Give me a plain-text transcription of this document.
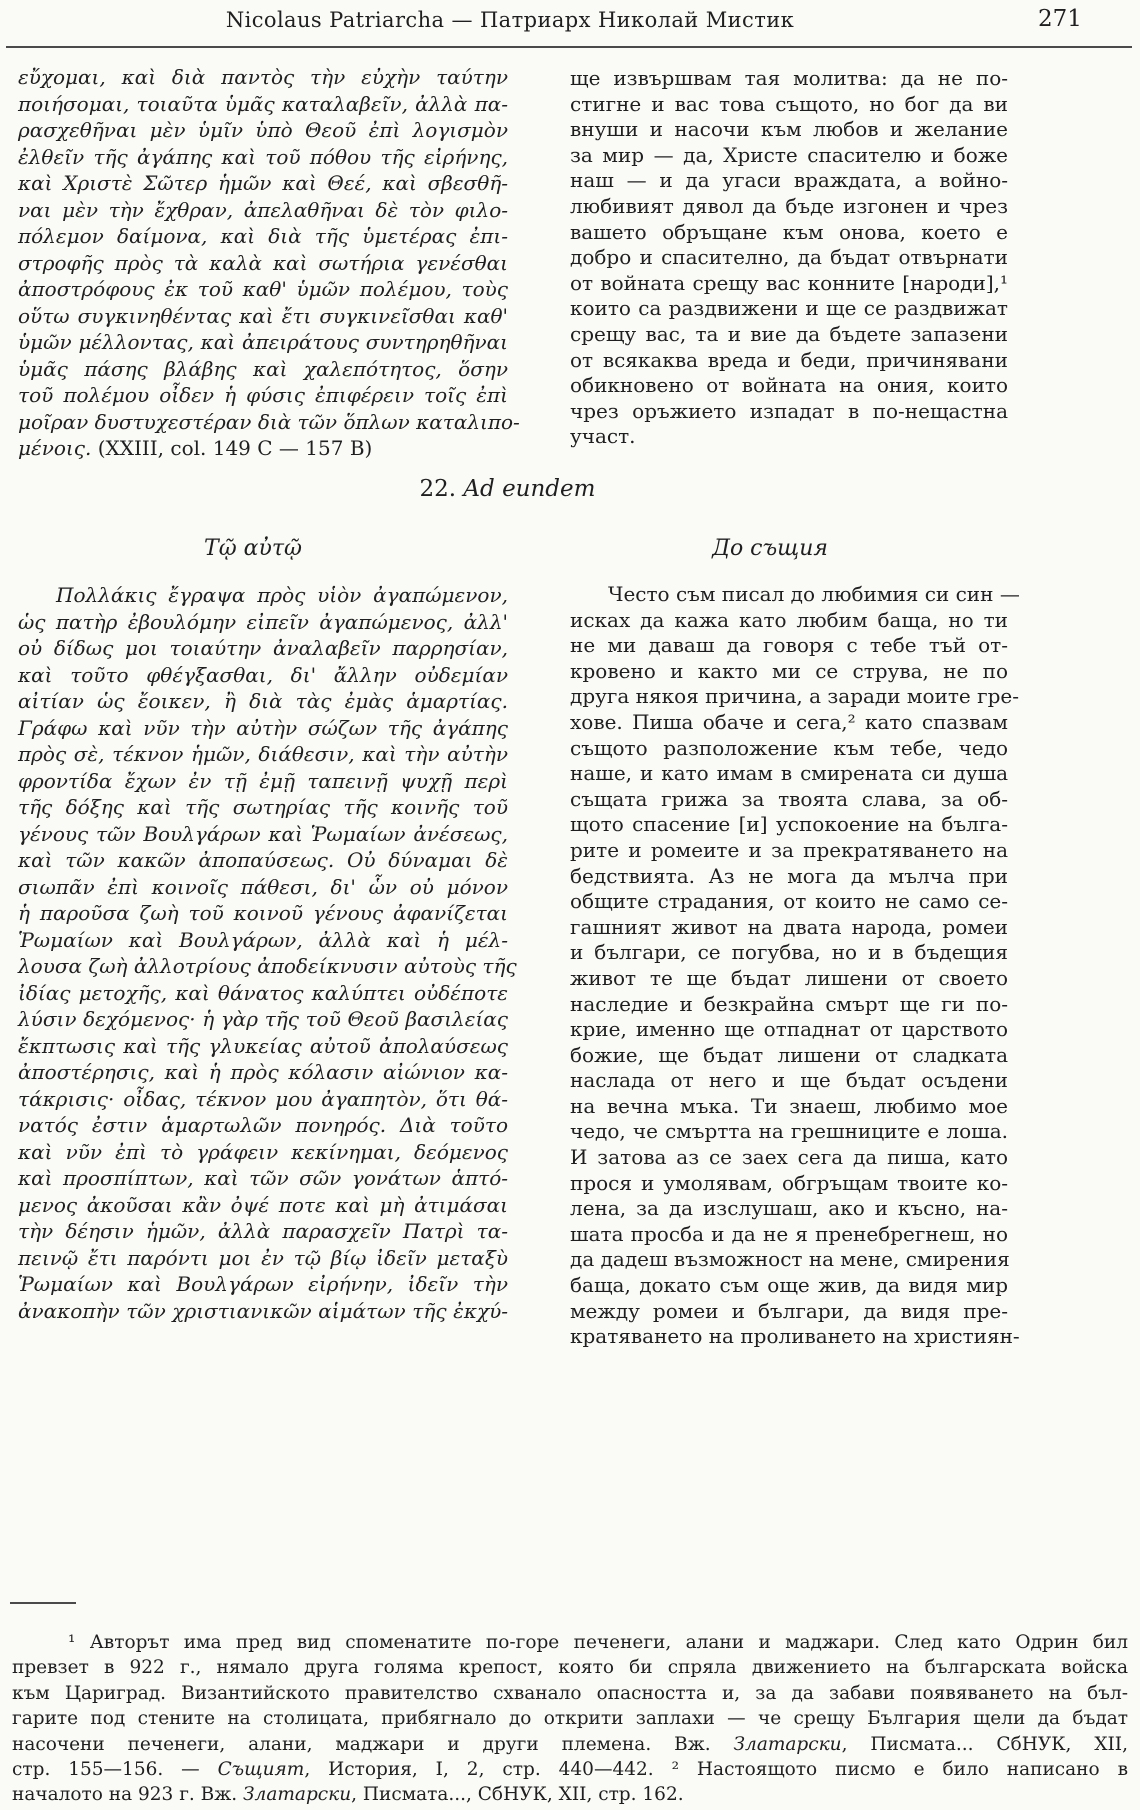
Nicolaus Patriarcha — Патриарх Николай Мистик	271
εὔχομαι, καὶ διὰ παντὸς τὴν εὐχὴν ταύτην
ποιήσομαι, τοιαῦτα ὑμᾶς καταλαβεῖν, ἀλλὰ πα-
ρασχεθῆναι μὲν ὑμῖν ὑπὸ Θεοῦ ἐπὶ λογισμὸν
ἐλθεῖν τῆς ἀγάπης καὶ τοῦ πόθου τῆς εἰρήνης,
καὶ Χριστὲ Σῶτερ ἡμῶν καὶ Θεέ, καὶ σβεσθῆ-
ναι μὲν τὴν ἔχθραν, ἀπελαθῆναι δὲ τὸν φιλο-
πόλεμον δαίμονα, καὶ διὰ τῆς ὑμετέρας ἐπι-
στροφῆς πρὸς τὰ καλὰ καὶ σωτήρια γενέσθαι
ἀποστρόφους ἐκ τοῦ καθ' ὑμῶν πολέμου, τοὺς
οὕτω συγκινηθέντας καὶ ἔτι συγκινεῖσθαι καθ'
ὑμῶν μέλλοντας, καὶ ἀπειράτους συντηρηθῆναι
ὑμᾶς πάσης βλάβης καὶ χαλεπότητος, ὅσην
τοῦ πολέμου οἶδεν ἡ φύσις ἐπιφέρειν τοῖς ἐπὶ
μοῖραν δυστυχεστέραν διὰ τῶν ὅπλων καταλιπο-
μένοις. (XXIII, col. 149 C — 157 B)
ще извършвам тая молитва: да не по-
стигне и вас това същото, но бог да ви
внуши и насочи към любов и желание
за мир — да, Христе спасителю и боже
наш — и да угаси враждата, а войно-
любивият дявол да бъде изгонен и чрез
вашето обръщане към онова, което е
добро и спасително, да бъдат отвърнати
от войната срещу вас конните [народи],¹
които са раздвижени и ще се раздвижат
срещу вас, та и вие да бъдете запазени
от всякаква вреда и беди, причинявани
обикновено от войната на ония, които
чрез оръжието изпадат в по-нещастна
участ.
22. Ad eundem
Τῷ αὐτῷ	До същия
Πολλάκις ἔγραψα πρὸς υἱὸν ἀγαπώμενον,
ὡς πατὴρ ἐβουλόμην εἰπεῖν ἀγαπώμενος, ἀλλ'
οὐ δίδως μοι τοιαύτην ἀναλαβεῖν παρρησίαν,
καὶ τοῦτο φθέγξασθαι, δι' ἄλλην οὐδεμίαν
αἰτίαν ὡς ἔοικεν, ἢ διὰ τὰς ἐμὰς ἁμαρτίας.
Γράφω καὶ νῦν τὴν αὐτὴν σώζων τῆς ἀγάπης
πρὸς σὲ, τέκνον ἡμῶν, διάθεσιν, καὶ τὴν αὐτὴν
φροντίδα ἔχων ἐν τῇ ἐμῇ ταπεινῇ ψυχῇ περὶ
τῆς δόξης καὶ τῆς σωτηρίας τῆς κοινῆς τοῦ
γένους τῶν Βουλγάρων καὶ Ῥωμαίων ἀνέσεως,
καὶ τῶν κακῶν ἀποπαύσεως. Οὐ δύναμαι δὲ
σιωπᾶν ἐπὶ κοινοῖς πάθεσι, δι' ὧν οὐ μόνον
ἡ παροῦσα ζωὴ τοῦ κοινοῦ γένους ἀφανίζεται
Ῥωμαίων καὶ Βουλγάρων, ἀλλὰ καὶ ἡ μέλ-
λουσα ζωὴ ἀλλοτρίους ἀποδείκνυσιν αὐτοὺς τῆς
ἰδίας μετοχῆς, καὶ θάνατος καλύπτει οὐδέποτε
λύσιν δεχόμενος· ἡ γὰρ τῆς τοῦ Θεοῦ βασιλείας
ἔκπτωσις καὶ τῆς γλυκείας αὐτοῦ ἀπολαύσεως
ἀποστέρησις, καὶ ἡ πρὸς κόλασιν αἰώνιον κα-
τάκρισις· οἶδας, τέκνον μου ἀγαπητὸν, ὅτι θά-
νατός ἐστιν ἁμαρτωλῶν πονηρός. Διὰ τοῦτο
καὶ νῦν ἐπὶ τὸ γράφειν κεκίνημαι, δεόμενος
καὶ προσπίπτων, καὶ τῶν σῶν γονάτων ἁπτό-
μενος ἀκοῦσαι κἂν ὀψέ ποτε καὶ μὴ ἀτιμάσαι
τὴν δέησιν ἡμῶν, ἀλλὰ παρασχεῖν Πατρὶ τα-
πεινῷ ἔτι παρόντι μοι ἐν τῷ βίῳ ἰδεῖν μεταξὺ
Ῥωμαίων καὶ Βουλγάρων εἰρήνην, ἰδεῖν τὴν
ἀνακοπὴν τῶν χριστιανικῶν αἱμάτων τῆς ἐκχύ-
Често съм писал до любимия си син —
исках да кажа като любим баща, но ти
не ми даваш да говоря с тебе тъй от-
кровено и както ми се струва, не по
друга някоя причина, а заради моите гре-
хове. Пиша обаче и сега,² като спазвам
същото разположение към тебе, чедо
наше, и като имам в смирената си душа
същата грижа за твоята слава, за об-
щото спасение [и] успокоение на бълга-
рите и ромеите и за прекратяването на
бедствията. Аз не мога да мълча при
общите страдания, от които не само се-
гашният живот на двата народа, ромеи
и българи, се погубва, но и в бъдещия
живот те ще бъдат лишени от своето
наследие и безкрайна смърт ще ги по-
крие, именно ще отпаднат от царството
божие, ще бъдат лишени от сладката
наслада от него и ще бъдат осъдени
на вечна мъка. Ти знаеш, любимо мое
чедо, че смъртта на грешниците е лоша.
И затова аз се заех сега да пиша, като
прося и умолявам, обгръщам твоите ко-
лена, за да изслушаш, ако и късно, на-
шата просба и да не я пренебрегнеш, но
да дадеш възможност на мене, смирения
баща, докато съм още жив, да видя мир
между ромеи и българи, да видя пре-
кратяването на проливането на християн-
¹ Авторът има пред вид споменатите по-горе печенеги, алани и маджари. След като Одрин бил
превзет в 922 г., нямало друга голяма крепост, която би спряла движението на българската войска
към Цариград. Византийското правителство схванало опасността и, за да забави появяването на бъл-
гарите под стените на столицата, прибягнало до открити заплахи — че срещу България щели да бъдат
насочени печенеги, алани, маджари и други племена. Вж. Златарски, Писмата... СбНУК, XII,
стр. 155—156. — Същият, История, I, 2, стр. 440—442. ² Настоящото писмо е било написано в
началото на 923 г. Вж. Златарски, Писмата..., СбНУК, XII, стр. 162.
